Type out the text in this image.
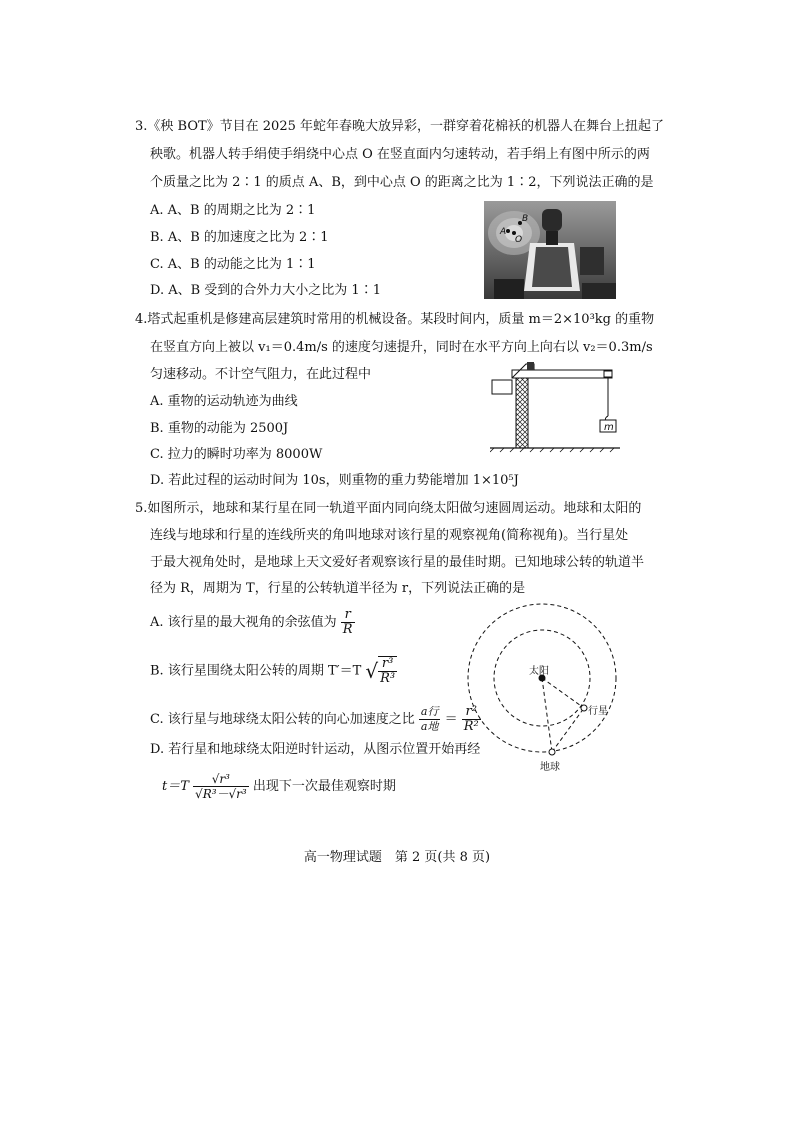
3.《秧 BOT》节目在 2025 年蛇年春晚大放异彩，一群穿着花棉袄的机器人在舞台上扭起了
秧歌。机器人转手绢使手绢绕中心点 O 在竖直面内匀速转动，若手绢上有图中所示的两
个质量之比为 2∶1 的质点 A、B，到中心点 O 的距离之比为 1∶2，下列说法正确的是
A. A、B 的周期之比为 2∶1
B. A、B 的加速度之比为 2∶1
C. A、B 的动能之比为 1∶1
D. A、B 受到的合外力大小之比为 1∶1
A
B
O
4.塔式起重机是修建高层建筑时常用的机械设备。某段时间内，质量 m＝2×10³kg 的重物
在竖直方向上被以 v₁＝0.4m/s 的速度匀速提升，同时在水平方向上向右以 v₂＝0.3m/s
匀速移动。不计空气阻力，在此过程中
A. 重物的运动轨迹为曲线
B. 重物的动能为 2500J
C. 拉力的瞬时功率为 8000W
D. 若此过程的运动时间为 10s，则重物的重力势能增加 1×10⁵J
m
5.如图所示，地球和某行星在同一轨道平面内同向绕太阳做匀速圆周运动。地球和太阳的
连线与地球和行星的连线所夹的角叫地球对该行星的观察视角(简称视角)。当行星处
于最大视角处时，是地球上天文爱好者观察该行星的最佳时期。已知地球公转的轨道半
径为 R，周期为 T，行星的公转轨道半径为 r，下列说法正确的是
A. 该行星的最大视角的余弦值为 $\frac{r}{R}$
B. 该行星围绕太阳公转的周期 T′＝T √ $\frac{\text{r³}}{\text{R³}}$
C. 该行星与地球绕太阳公转的向心加速度之比 $\frac{\text{a行}}{\text{a地}} = \frac{\text{r²}}{\text{R²}}$
D. 若行星和地球绕太阳逆时针运动，从图示位置开始再经
$t=T \frac{\text{√r³}}{\text{√R³－√r³}}$ 出现下一次最佳观察时期
太阳
行星
地球
高一物理试题　第 2 页(共 8 页)
